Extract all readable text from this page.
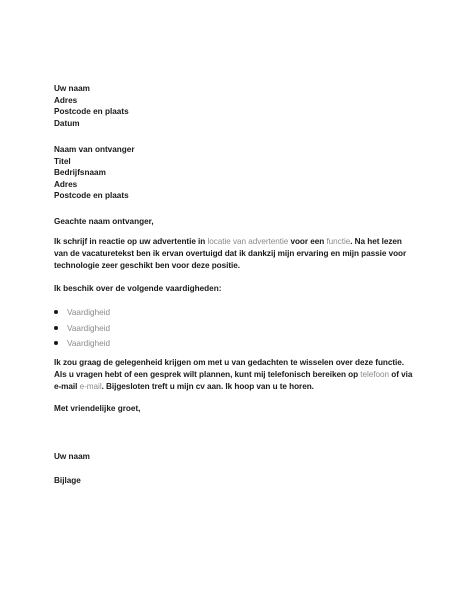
Uw naam
Adres
Postcode en plaats
Datum
Naam van ontvanger
Titel
Bedrijfsnaam
Adres
Postcode en plaats
Geachte naam ontvanger,
Ik schrijf in reactie op uw advertentie in locatie van advertentie voor een functie. Na het lezen van de vacaturetekst ben ik ervan overtuigd dat ik dankzij mijn ervaring en mijn passie voor technologie zeer geschikt ben voor deze positie.
Ik beschik over de volgende vaardigheden:
Vaardigheid
Vaardigheid
Vaardigheid
Ik zou graag de gelegenheid krijgen om met u van gedachten te wisselen over deze functie. Als u vragen hebt of een gesprek wilt plannen, kunt mij telefonisch bereiken op telefoon of via e-mail e-mail. Bijgesloten treft u mijn cv aan. Ik hoop van u te horen.
Met vriendelijke groet,
Uw naam
Bijlage
